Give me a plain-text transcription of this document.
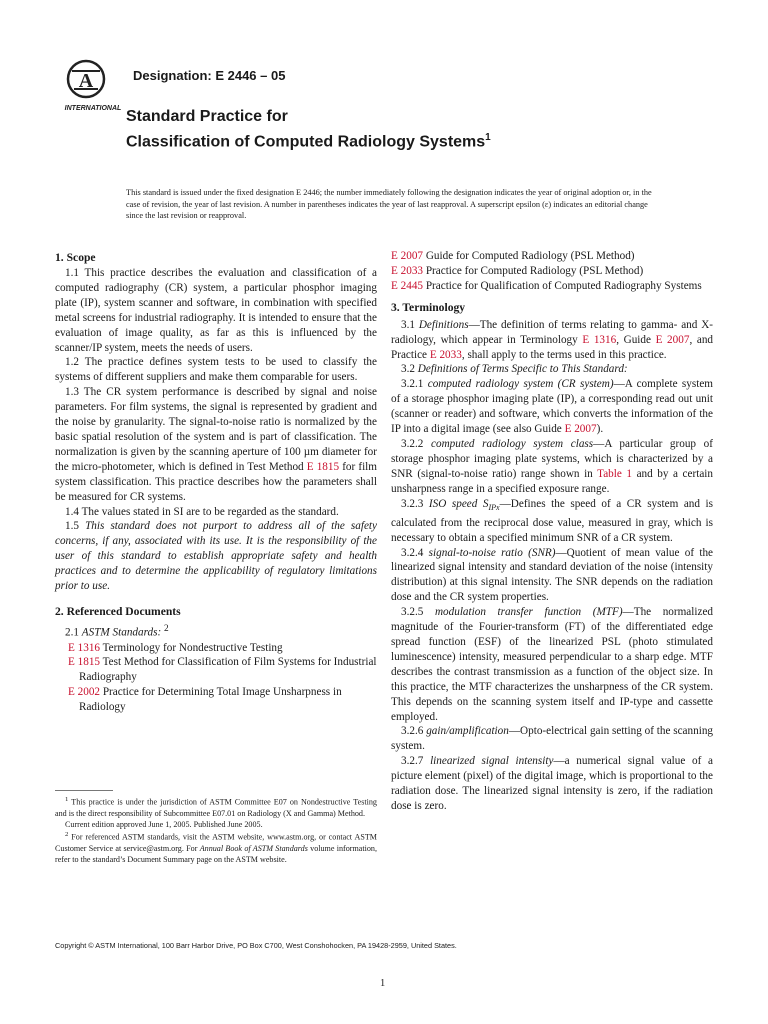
A
INTERNATIONAL
Designation: E 2446 – 05
Standard Practice for
Classification of Computed Radiology Systems$^1$
This standard is issued under the fixed designation E 2446; the number immediately following the designation indicates the year of original adoption or, in the case of revision, the year of last revision. A number in parentheses indicates the year of last reapproval. A superscript epsilon (ε) indicates an editorial change since the last revision or reapproval.
1. Scope

1.1 This practice describes the evaluation and classification of a computed radiography (CR) system, a particular phosphor imaging plate (IP), system scanner and software, in combination with specified metal screens for industrial radiography. It is intended to ensure that the evaluation of image quality, as far as this is influenced by the scanner/IP system, meets the needs of users.

1.2 The practice defines system tests to be used to classify the systems of different suppliers and make them comparable for users.

1.3 The CR system performance is described by signal and noise parameters. For film systems, the signal is represented by gradient and the noise by granularity. The signal-to-noise ratio is normalized by the basic spatial resolution of the system and is part of classification. The normalization is given by the scanning aperture of 100 µm diameter for the micro-photometer, which is defined in Test Method E 1815 for film system classification. This practice describes how the parameters shall be measured for CR systems.

1.4 The values stated in SI are to be regarded as the standard.

1.5 This standard does not purport to address all of the safety concerns, if any, associated with its use. It is the responsibility of the user of this standard to establish appropriate safety and health practices and to determine the applicability of regulatory limitations prior to use.

2. Referenced Documents

2.1 ASTM Standards: $^2$

E 1316 Terminology for Nondestructive Testing

E 1815 Test Method for Classification of Film Systems for Industrial Radiography

E 2002 Practice for Determining Total Image Unsharpness in Radiology

$^1$ This practice is under the jurisdiction of ASTM Committee E07 on Nondestructive Testing and is the direct responsibility of Subcommittee E07.01 on Radiology (X and Gamma) Method.

Current edition approved June 1, 2005. Published June 2005.

$^2$ For referenced ASTM standards, visit the ASTM website, www.astm.org, or contact ASTM Customer Service at service@astm.org. For Annual Book of ASTM Standards volume information, refer to the standard’s Document Summary page on the ASTM website.

E 2007 Guide for Computed Radiology (PSL Method)

E 2033 Practice for Computed Radiology (PSL Method)

E 2445 Practice for Qualification of Computed Radiography Systems

3. Terminology

3.1 Definitions—The definition of terms relating to gamma- and X-radiology, which appear in Terminology E 1316, Guide E 2007, and Practice E 2033, shall apply to the terms used in this practice.

3.2 Definitions of Terms Specific to This Standard:

3.2.1 computed radiology system (CR system)—A complete system of a storage phosphor imaging plate (IP), a corresponding read out unit (scanner or reader) and software, which converts the information of the IP into a digital image (see also Guide E 2007).

3.2.2 computed radiology system class—A particular group of storage phosphor imaging plate systems, which is characterized by a SNR (signal-to-noise ratio) range shown in Table 1 and by a certain unsharpness range in a specified exposure range.

3.2.3 ISO speed $S_{IPx}—Defines$ the speed of a CR system and is calculated from the reciprocal dose value, measured in gray, which is necessary to obtain a specified minimum SNR of a CR system.

3.2.4 signal-to-noise ratio (SNR)—Quotient of mean value of the linearized signal intensity and standard deviation of the noise (intensity distribution) at this signal intensity. The SNR depends on the radiation dose and the CR system properties.

3.2.5 modulation transfer function (MTF)—The normalized magnitude of the Fourier-transform (FT) of the differentiated edge spread function (ESF) of the linearized PSL (photo stimulated luminescence) intensity, measured perpendicular to a sharp edge. MTF describes the contrast transmission as a function of the object size. In this practice, the MTF characterizes the unsharpness of the CR system. This depends on the scanning system itself and IP-type and cassette employed.

3.2.6 gain/amplification—Opto-electrical gain setting of the scanning system.

3.2.7 linearized signal intensity—a numerical signal value of a picture element (pixel) of the digital image, which is proportional to the radiation dose. The linearized signal intensity is zero, if the radiation dose is zero.

Copyright © ASTM International, 100 Barr Harbor Drive, PO Box C700, West Conshohocken, PA 19428-2959, United States.
1
